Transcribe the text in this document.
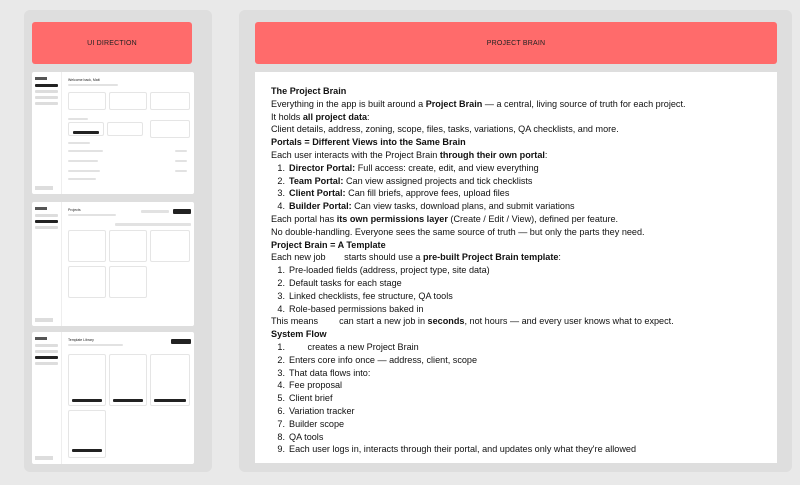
UI DIRECTION
Welcome back, Matt
Projects
Template Library
PROJECT BRAIN
The Project Brain
Everything in the app is built around a Project Brain — a central, living source of truth for each project.
It holds all project data:
Client details, address, zoning, scope, files, tasks, variations, QA checklists, and more.
Portals = Different Views into the Same Brain
Each user interacts with the Project Brain through their own portal:
1. Director Portal: Full access: create, edit, and view everything
2. Team Portal: Can view assigned projects and tick checklists
3. Client Portal: Can fill briefs, approve fees, upload files
4. Builder Portal: Can view tasks, download plans, and submit variations
Each portal has its own permissions layer (Create / Edit / View), defined per feature.
No double-handling. Everyone sees the same source of truth — but only the parts they need.
Project Brain = A Template
Each new job starts should use a pre-built Project Brain template:
1. Pre-loaded fields (address, project type, site data)
2. Default tasks for each stage
3. Linked checklists, fee structure, QA tools
4. Role-based permissions baked in
This means can start a new job in seconds, not hours — and every user knows what to expect.
System Flow
1. creates a new Project Brain
2. Enters core info once — address, client, scope
3. That data flows into:
4. Fee proposal
5. Client brief
6. Variation tracker
7. Builder scope
8. QA tools
9. Each user logs in, interacts through their portal, and updates only what they're allowed
